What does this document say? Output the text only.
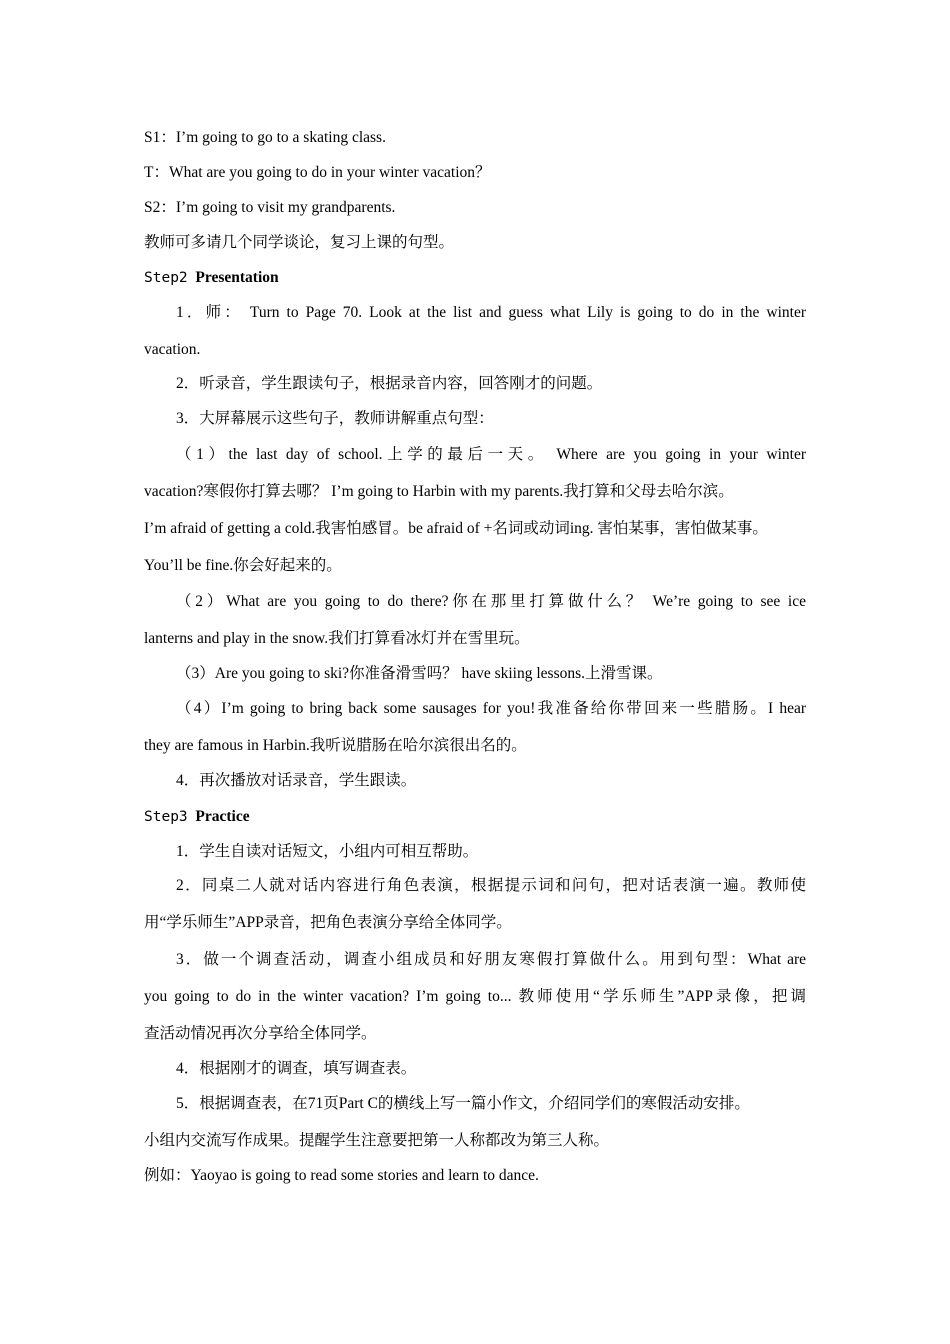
S1：I’m going to go to a skating class.
T：What are you going to do in your winter vacation？
S2：I’m going to visit my grandparents.
教师可多请几个同学谈论，复习上课的句型。
Step2 Presentation
1．师： Turn to Page 70. Look at the list and guess what Lily is going to do in the winter
vacation.
2．听录音，学生跟读句子，根据录音内容，回答刚才的问题。
3．大屏幕展示这些句子，教师讲解重点句型：
（1）the last day of school.上学的最后一天。 Where are you going in your winter
vacation?寒假你打算去哪？ I’m going to Harbin with my parents.我打算和父母去哈尔滨。
I’m afraid of getting a cold.我害怕感冒。be afraid of +名词或动词ing. 害怕某事，害怕做某事。
You’ll be fine.你会好起来的。
（2）What are you going to do there?你在那里打算做什么？ We’re going to see ice
lanterns and play in the snow.我们打算看冰灯并在雪里玩。
（3）Are you going to ski?你准备滑雪吗？ have skiing lessons.上滑雪课。
（4）I’m going to bring back some sausages for you!我准备给你带回来一些腊肠。I hear
they are famous in Harbin.我听说腊肠在哈尔滨很出名的。
4．再次播放对话录音，学生跟读。
Step3 Practice
1．学生自读对话短文，小组内可相互帮助。
2．同桌二人就对话内容进行角色表演，根据提示词和问句，把对话表演一遍。教师使
用“学乐师生”APP录音，把角色表演分享给全体同学。
3．做一个调查活动，调查小组成员和好朋友寒假打算做什么。用到句型：What are
you going to do in the winter vacation? I’m going to... 教师使用“学乐师生”APP录像，把调
查活动情况再次分享给全体同学。
4．根据刚才的调查，填写调查表。
5．根据调查表，在71页Part C的横线上写一篇小作文，介绍同学们的寒假活动安排。
小组内交流写作成果。提醒学生注意要把第一人称都改为第三人称。
例如：Yaoyao is going to read some stories and learn to dance.
